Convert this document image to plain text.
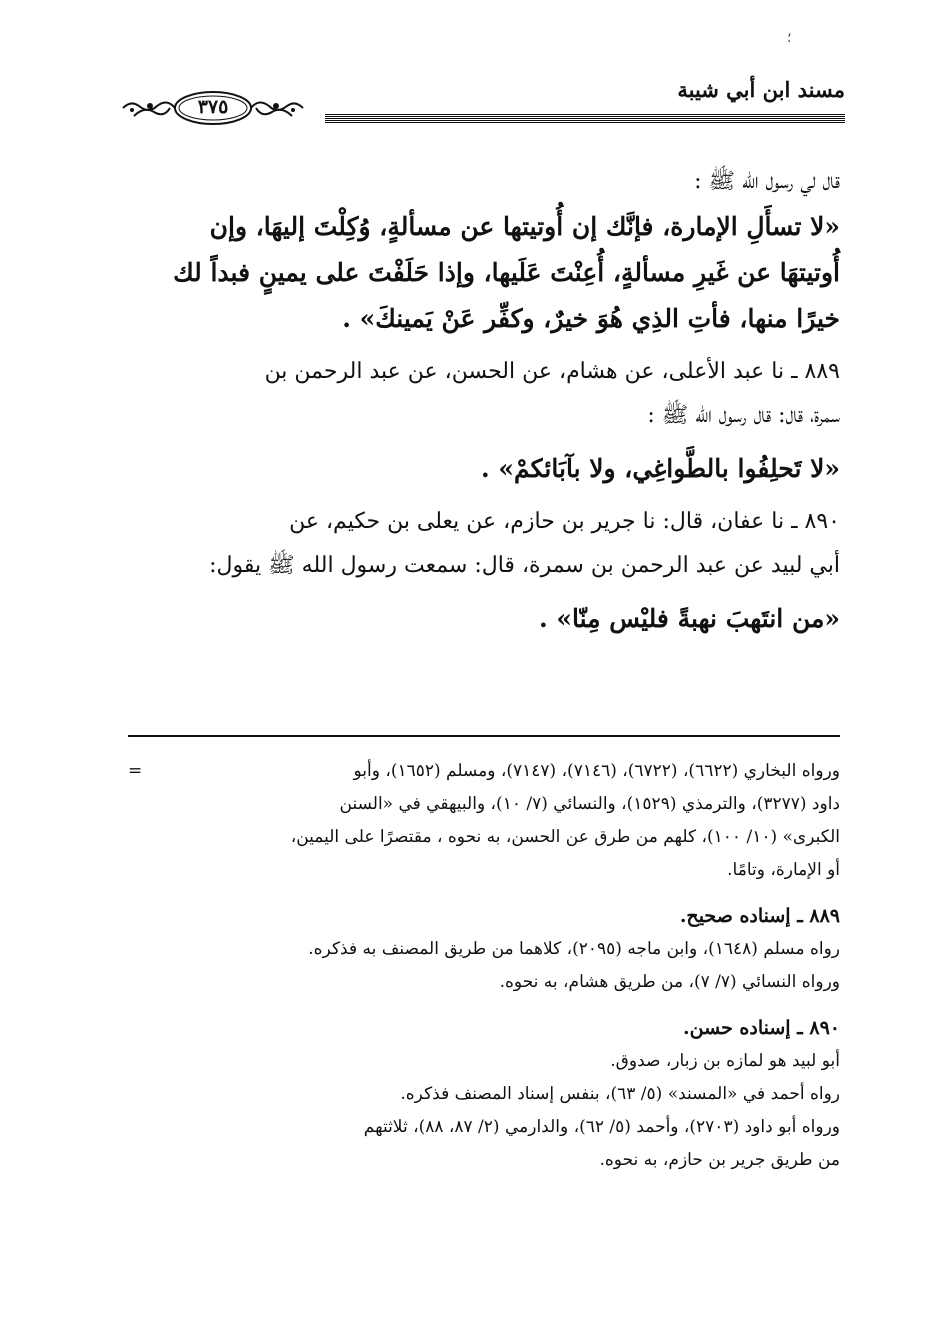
؛
مسند ابن أبي شيبة
٣٧٥
قال لي رسول الله ﷺ :
«لا تسأَلِ الإمارة، فإنَّك إن أُوتيتها عن مسألةٍ، وُكِلْتَ إليهَا، وإن
أُوتيتهَا عن غَيرِ مسألةٍ، أُعِنْتَ عَلَيها، وإذا حَلَفْتَ على يمينٍ فبداً لك
خيرًا منها، فأتِ الذِي هُوَ خيرٌ، وكفِّر عَنْ يَمينكَ» .
٨٨٩ ـ نا عبد الأعلى، عن هشام، عن الحسن، عن عبد الرحمن بن
سمرة، قال: قال رسول الله ﷺ :
«لا تَحلِفُوا بالطَّواغِي، ولا بآبَائكمْ» .
٨٩٠ ـ نا عفان، قال: نا جرير بن حازم، عن يعلى بن حكيم، عن
أبي لبيد عن عبد الرحمن بن سمرة، قال: سمعت رسول الله ﷺ يقول:
«من انتَهبَ نهبةً فليْس مِنّا» .
=	ورواه البخاري (٦٦٢٢)، (٦٧٢٢)، (٧١٤٦)، (٧١٤٧)، ومسلم (١٦٥٢)، وأبو
داود (٣٢٧٧)، والترمذي (١٥٢٩)، والنسائي (٧/ ١٠)، والبيهقي في «السنن
الكبرى» (١٠/ ١٠٠)، كلهم من طرق عن الحسن، به نحوه ، مقتصرًا على اليمين،
أو الإمارة، وتامًا.
٨٨٩ ـ إسناده صحيح.
رواه مسلم (١٦٤٨)، وابن ماجه (٢٠٩٥)، كلاهما من طريق المصنف به فذكره.
ورواه النسائي (٧/ ٧)، من طريق هشام، به نحوه.
٨٩٠ ـ إسناده حسن.
أبو لبيد هو لمازه بن زبار، صدوق.
رواه أحمد في «المسند» (٥/ ٦٣)، بنفس إسناد المصنف فذكره.
ورواه أبو داود (٢٧٠٣)، وأحمد (٥/ ٦٢)، والدارمي (٢/ ٨٧، ٨٨)، ثلاثتهم
من طريق جرير بن حازم، به نحوه.
